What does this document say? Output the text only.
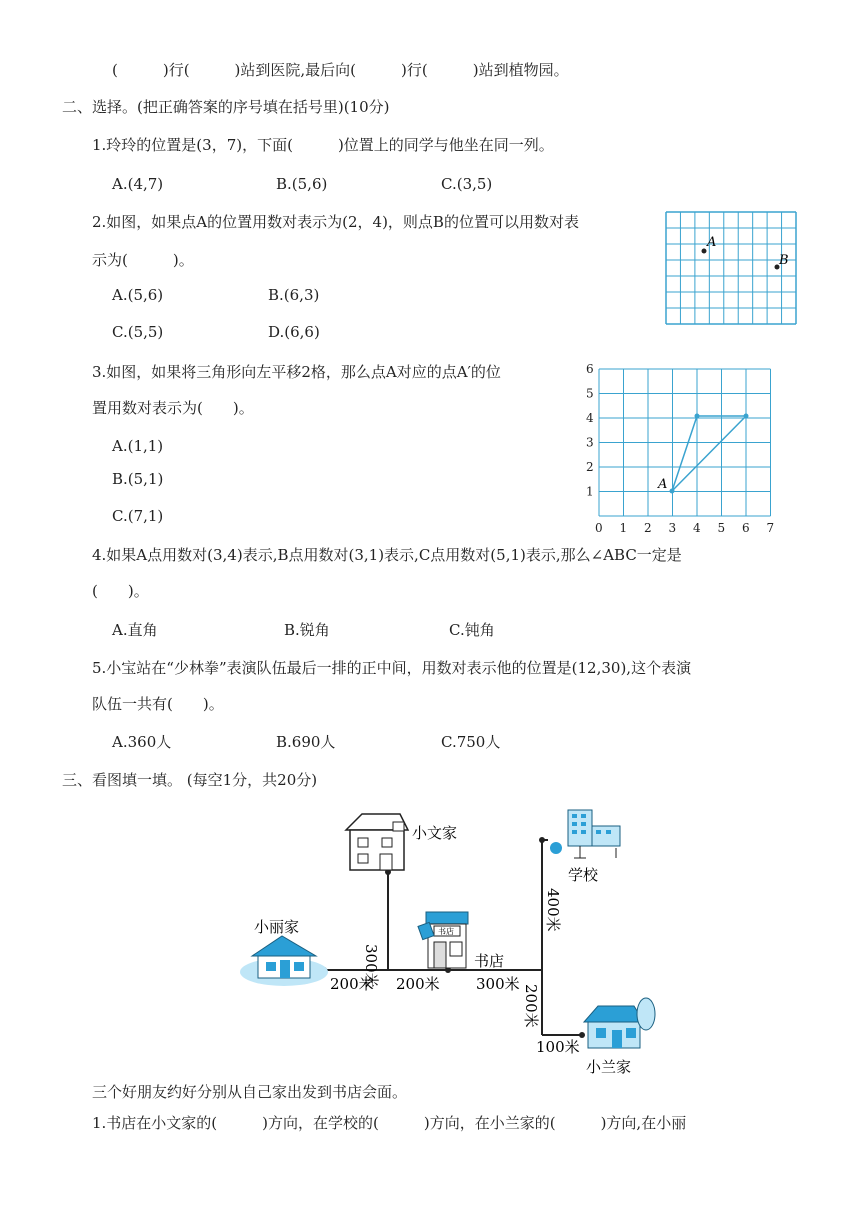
(　　　)行(　　　)站到医院,最后向(　　　)行(　　　)站到植物园。
二、选择。(把正确答案的序号填在括号里)(10分)
1.玲玲的位置是(3，7)，下面(　　　)位置上的同学与他坐在同一列。
A.(4,7)	B.(5,6)	C.(3,5)
2.如图，如果点A的位置用数对表示为(2，4)，则点B的位置可以用数对表
示为(　　　)。
A.(5,6)	B.(6,3)
C.(5,5)	D.(6,6)
A
B
3.如图，如果将三角形向左平移2格，那么点A对应的点A′的位
置用数对表示为(　　)。
A.(1,1)
B.(5,1)
C.(7,1)
0 1 2 3 4 5 6 7
1
2
3
4
5
6
A
4.如果A点用数对(3,4)表示,B点用数对(3,1)表示,C点用数对(5,1)表示,那么∠ABC一定是
(　　)。
A.直角	B.锐角	C.钝角
5.小宝站在“少林拳”表演队伍最后一排的正中间，用数对表示他的位置是(12,30),这个表演
队伍一共有(　　)。
A.360人	B.690人	C.750人
三、看图填一填。 (每空1分，共20分)
小文家
小丽家	书店
书店
学校
小兰家
300米
200米 200米 300米
400米
200米
100米
三个好朋友约好分别从自己家出发到书店会面。
1.书店在小文家的(　　　)方向，在学校的(　　　)方向，在小兰家的(　　　)方向,在小丽
